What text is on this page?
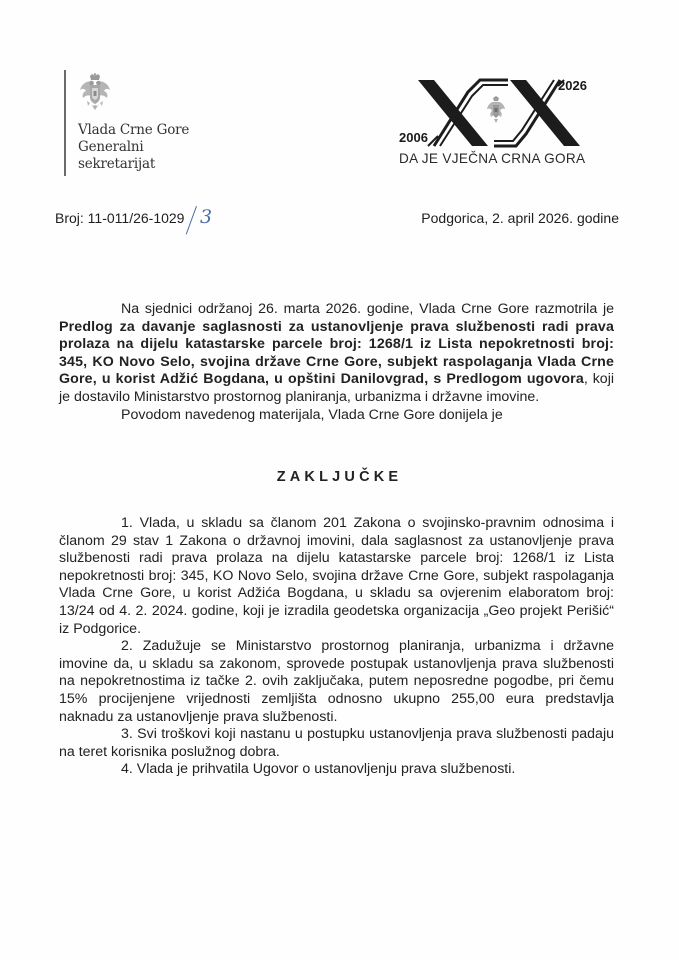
Vlada Crne Gore
Generalni
sekretarijat
2026
2006
DA JE VJEČNA CRNA GORA
Broj: 11-011/26-1029 3	Podgorica, 2. april 2026. godine

Na sjednici održanoj 26. marta 2026. godine, Vlada Crne Gore razmotrila je Predlog za davanje saglasnosti za ustanovljenje prava službenosti radi prava prolaza na dijelu katastarske parcele broj: 1268/1 iz Lista nepokretnosti broj: 345, KO Novo Selo, svojina države Crne Gore, subjekt raspolaganja Vlada Crne Gore, u korist Adžić Bogdana, u opštini Danilovgrad, s Predlogom ugovora, koji je dostavilo Ministarstvo prostornog planiranja, urbanizma i državne imovine.

Povodom navedenog materijala, Vlada Crne Gore donijela je

ZAKLJUČKE

1. Vlada, u skladu sa članom 201 Zakona o svojinsko-pravnim odnosima i članom 29 stav 1 Zakona o državnoj imovini, dala saglasnost za ustanovljenje prava službenosti radi prava prolaza na dijelu katastarske parcele broj: 1268/1 iz Lista nepokretnosti broj: 345, KO Novo Selo, svojina države Crne Gore, subjekt raspolaganja Vlada Crne Gore, u korist Adžića Bogdana, u skladu sa ovjerenim elaboratom broj: 13/24 od 4. 2. 2024. godine, koji je izradila geodetska organizacija „Geo projekt Perišić“ iz Podgorice.

2. Zadužuje se Ministarstvo prostornog planiranja, urbanizma i državne imovine da, u skladu sa zakonom, sprovede postupak ustanovljenja prava službenosti na nepokretnostima iz tačke 2. ovih zaključaka, putem neposredne pogodbe, pri čemu 15% procijenjene vrijednosti zemljišta odnosno ukupno 255,00 eura predstavlja naknadu za ustanovljenje prava službenosti.

3. Svi troškovi koji nastanu u postupku ustanovljenja prava službenosti padaju na teret korisnika poslužnog dobra.

4. Vlada je prihvatila Ugovor o ustanovljenju prava službenosti.
